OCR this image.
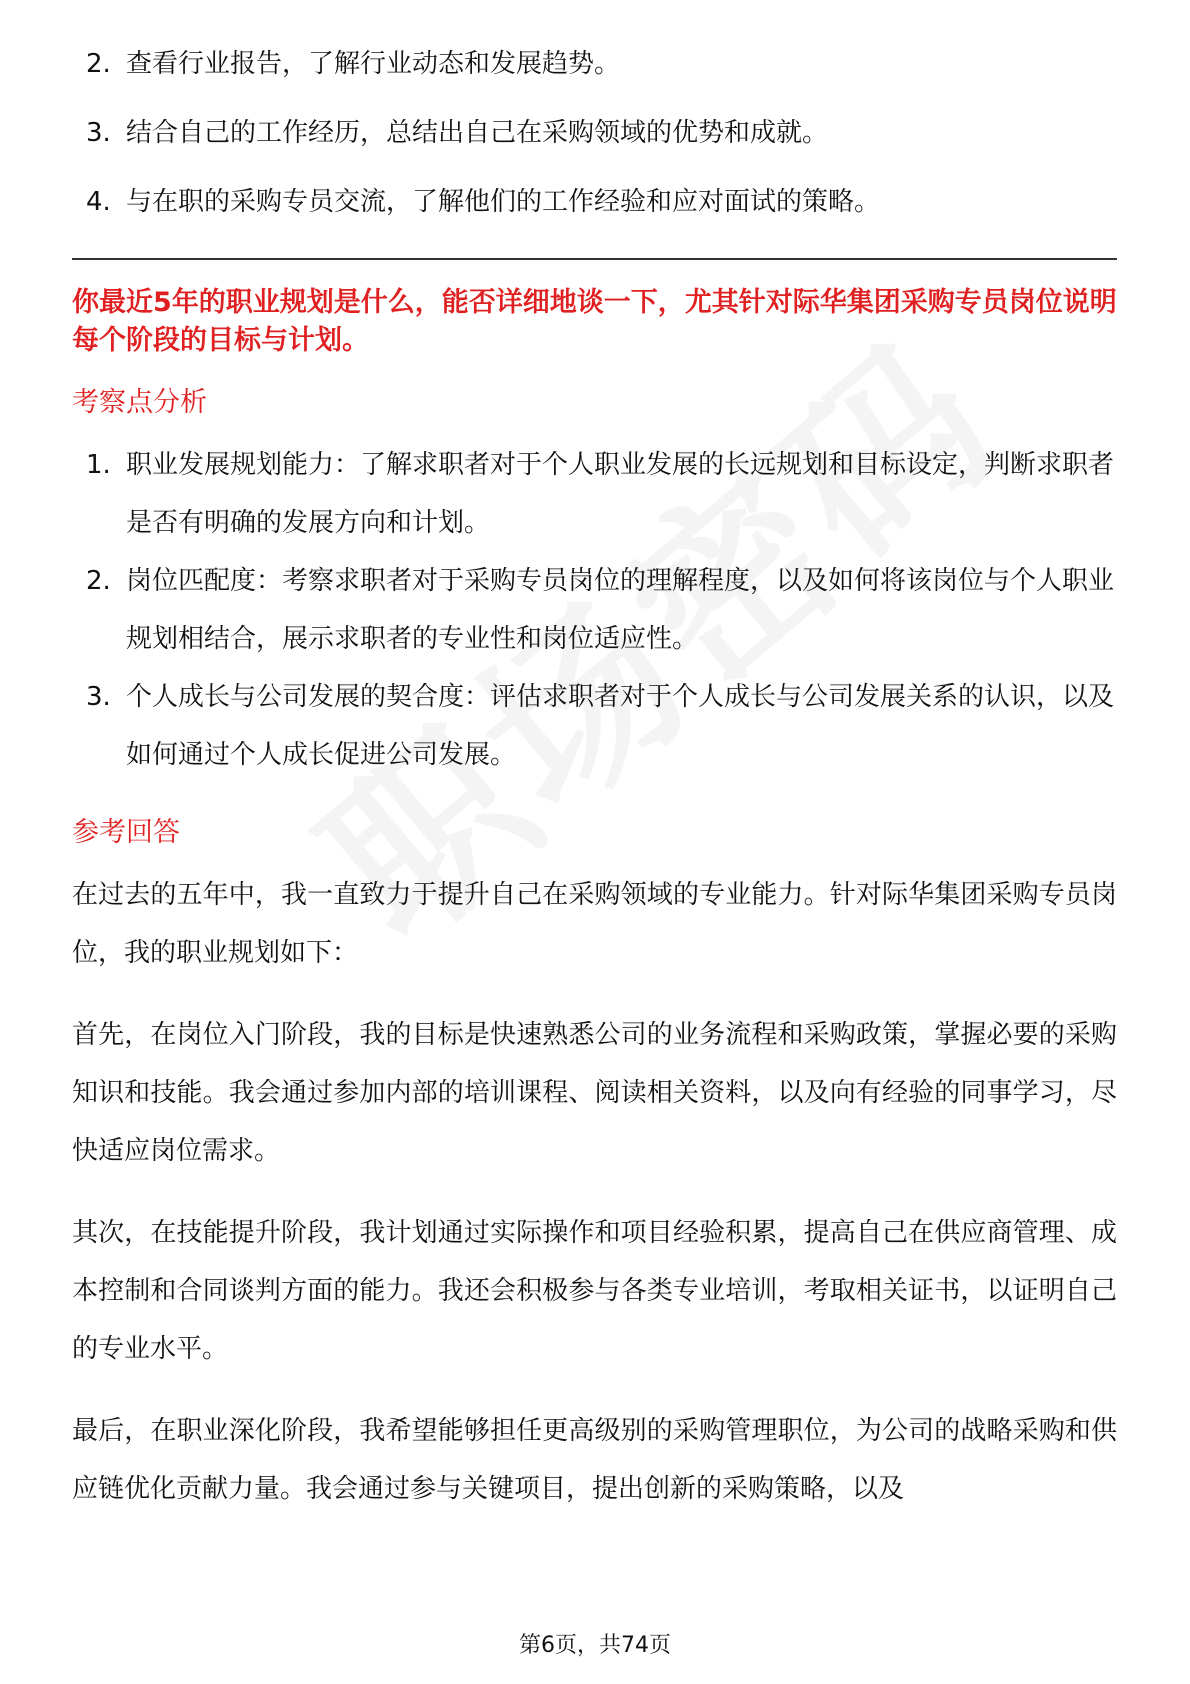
2. 查看行业报告，了解行业动态和发展趋势。
3. 结合自己的工作经历，总结出自己在采购领域的优势和成就。
4. 与在职的采购专员交流，了解他们的工作经验和应对面试的策略。

你最近5年的职业规划是什么，能否详细地谈一下，尤其针对际华集团采购专员岗位说明每个阶段的目标与计划。

考察点分析

1. 职业发展规划能力：了解求职者对于个人职业发展的长远规划和目标设定，判断求职者是否有明确的发展方向和计划。
2. 岗位匹配度：考察求职者对于采购专员岗位的理解程度，以及如何将该岗位与个人职业规划相结合，展示求职者的专业性和岗位适应性。
3. 个人成长与公司发展的契合度：评估求职者对于个人成长与公司发展关系的认识，以及如何通过个人成长促进公司发展。

参考回答

在过去的五年中，我一直致力于提升自己在采购领域的专业能力。针对际华集团采购专员岗位，我的职业规划如下：

首先，在岗位入门阶段，我的目标是快速熟悉公司的业务流程和采购政策，掌握必要的采购知识和技能。我会通过参加内部的培训课程、阅读相关资料，以及向有经验的同事学习，尽快适应岗位需求。

其次，在技能提升阶段，我计划通过实际操作和项目经验积累，提高自己在供应商管理、成本控制和合同谈判方面的能力。我还会积极参与各类专业培训，考取相关证书，以证明自己的专业水平。

最后，在职业深化阶段，我希望能够担任更高级别的采购管理职位，为公司的战略采购和供应链优化贡献力量。我会通过参与关键项目，提出创新的采购策略，以及

第6页，共74页
